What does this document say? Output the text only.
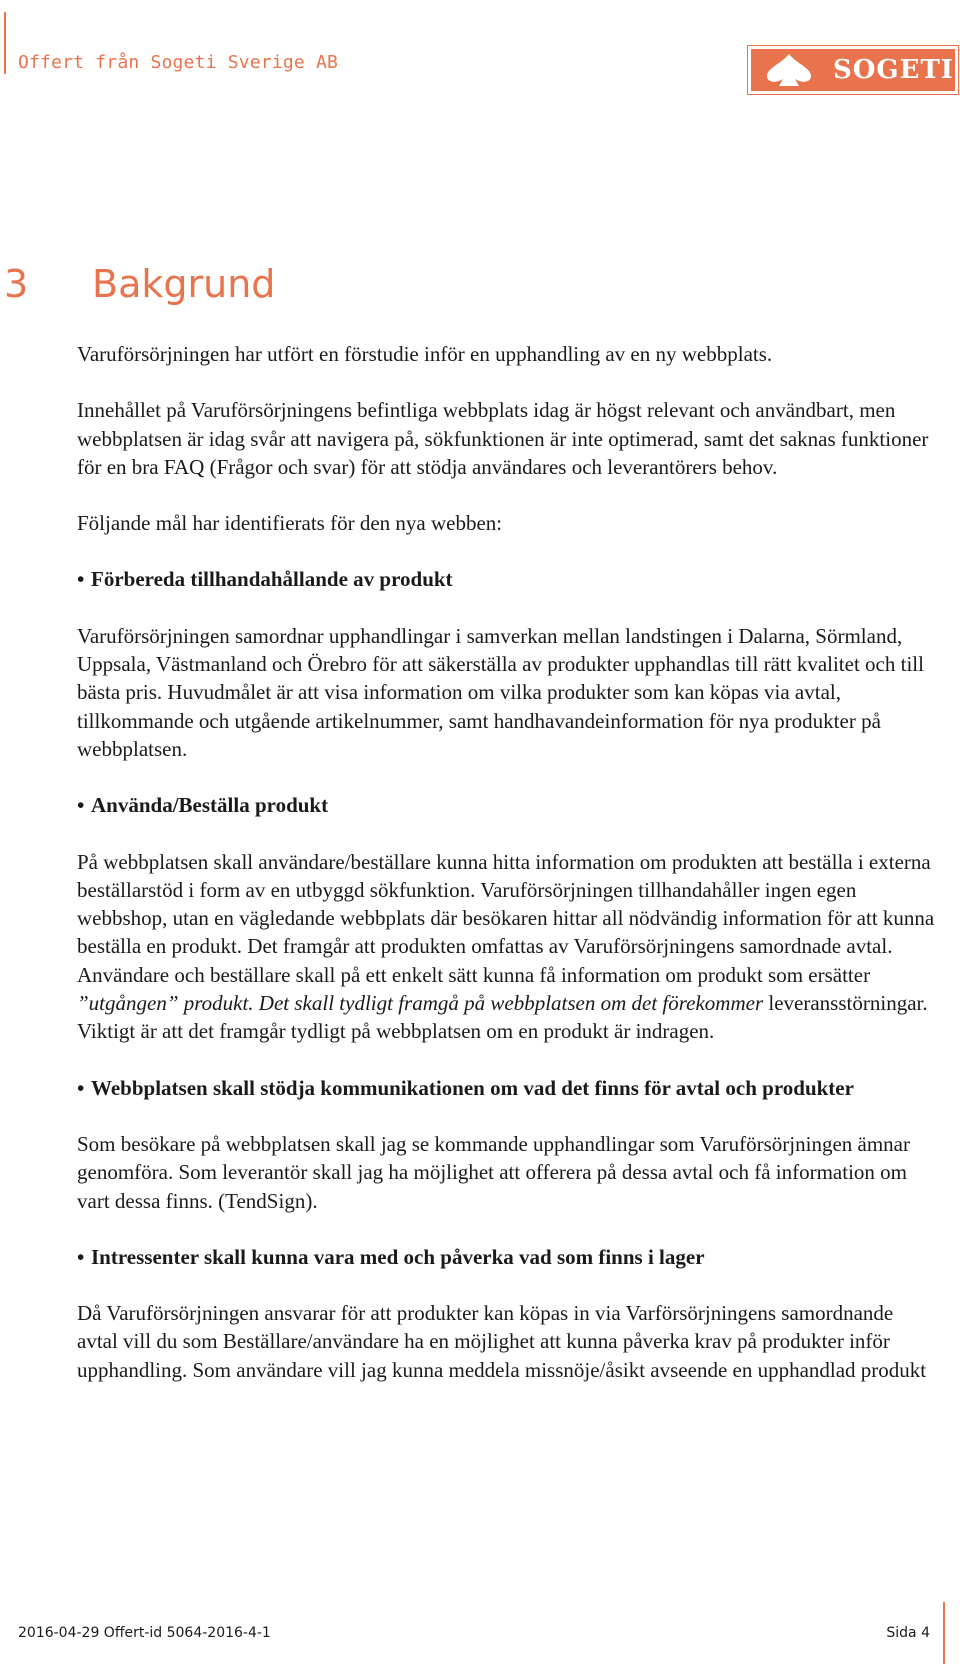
Offert från Sogeti Sverige AB	SOGETI
3 Bakgrund

Varuförsörjningen har utfört en förstudie inför en upphandling av en ny webbplats.

Innehållet på Varuförsörjningens befintliga webbplats idag är högst relevant och användbart, men webbplatsen är idag svår att navigera på, sökfunktionen är inte optimerad, samt det saknas funktioner för en bra FAQ (Frågor och svar) för att stödja användares och leverantörers behov.

Följande mål har identifierats för den nya webben:

• Förbereda tillhandahållande av produkt

Varuförsörjningen samordnar upphandlingar i samverkan mellan landstingen i Dalarna, Sörmland, Uppsala, Västmanland och Örebro för att säkerställa av produkter upphandlas till rätt kvalitet och till bästa pris. Huvudmålet är att visa information om vilka produkter som kan köpas via avtal, tillkommande och utgående artikelnummer, samt handhavandeinformation för nya produkter på webbplatsen.

• Använda/Beställa produkt

På webbplatsen skall användare/beställare kunna hitta information om produkten att beställa i externa beställarstöd i form av en utbyggd sökfunktion. Varuförsörjningen tillhandahåller ingen egen webbshop, utan en vägledande webbplats där besökaren hittar all nödvändig information för att kunna beställa en produkt. Det framgår att produkten omfattas av Varuförsörjningens samordnade avtal. Användare och beställare skall på ett enkelt sätt kunna få information om produkt som ersätter ”utgången” produkt. Det skall tydligt framgå på webbplatsen om det förekommer leveransstörningar. Viktigt är att det framgår tydligt på webbplatsen om en produkt är indragen.

• Webbplatsen skall stödja kommunikationen om vad det finns för avtal och produkter

Som besökare på webbplatsen skall jag se kommande upphandlingar som Varuförsörjningen ämnar genomföra. Som leverantör skall jag ha möjlighet att offerera på dessa avtal och få information om vart dessa finns. (TendSign).

• Intressenter skall kunna vara med och påverka vad som finns i lager

Då Varuförsörjningen ansvarar för att produkter kan köpas in via Varförsörjningens samordnande avtal vill du som Beställare/användare ha en möjlighet att kunna påverka krav på produkter inför upphandling. Som användare vill jag kunna meddela missnöje/åsikt avseende en upphandlad produkt

2016-04-29 Offert-id 5064-2016-4-1	Sida 4
